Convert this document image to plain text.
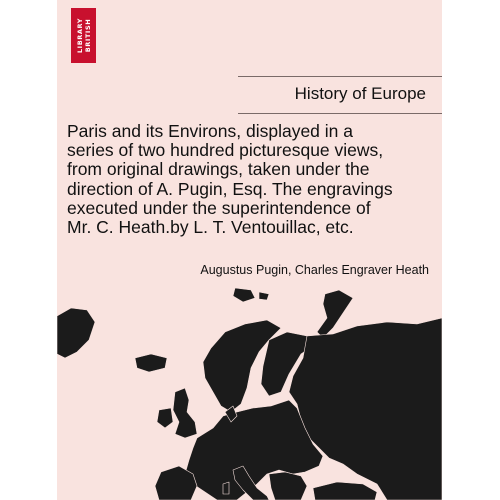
LIBRARY BRITISH
History of Europe
Paris and its Environs, displayed in a
series of two hundred picturesque views,
from original drawings, taken under the
direction of A. Pugin, Esq. The engravings
executed under the superintendence of
Mr. C. Heath.by L. T. Ventouillac, etc.
Augustus Pugin, Charles Engraver Heath
